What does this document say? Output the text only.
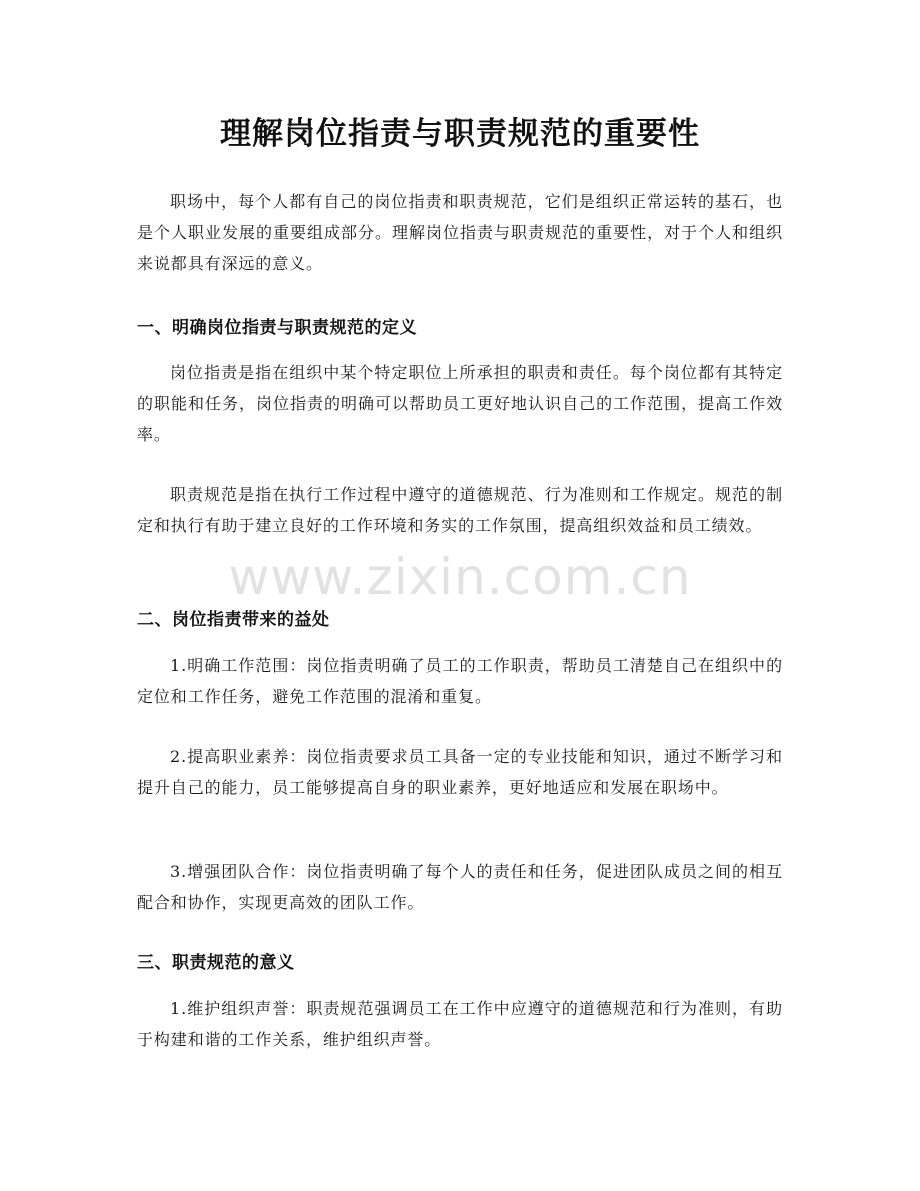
理解岗位指责与职责规范的重要性

职场中，每个人都有自己的岗位指责和职责规范，它们是组织正常运转的基石，也是个人职业发展的重要组成部分。理解岗位指责与职责规范的重要性，对于个人和组织来说都具有深远的意义。

一、明确岗位指责与职责规范的定义

岗位指责是指在组织中某个特定职位上所承担的职责和责任。每个岗位都有其特定的职能和任务，岗位指责的明确可以帮助员工更好地认识自己的工作范围，提高工作效率。

职责规范是指在执行工作过程中遵守的道德规范、行为准则和工作规定。规范的制定和执行有助于建立良好的工作环境和务实的工作氛围，提高组织效益和员工绩效。

二、岗位指责带来的益处

1.明确工作范围：岗位指责明确了员工的工作职责，帮助员工清楚自己在组织中的定位和工作任务，避免工作范围的混淆和重复。

2.提高职业素养：岗位指责要求员工具备一定的专业技能和知识，通过不断学习和提升自己的能力，员工能够提高自身的职业素养，更好地适应和发展在职场中。

3.增强团队合作：岗位指责明确了每个人的责任和任务，促进团队成员之间的相互配合和协作，实现更高效的团队工作。

三、职责规范的意义

1.维护组织声誉：职责规范强调员工在工作中应遵守的道德规范和行为准则，有助于构建和谐的工作关系，维护组织声誉。

www.zixin.com.cn
